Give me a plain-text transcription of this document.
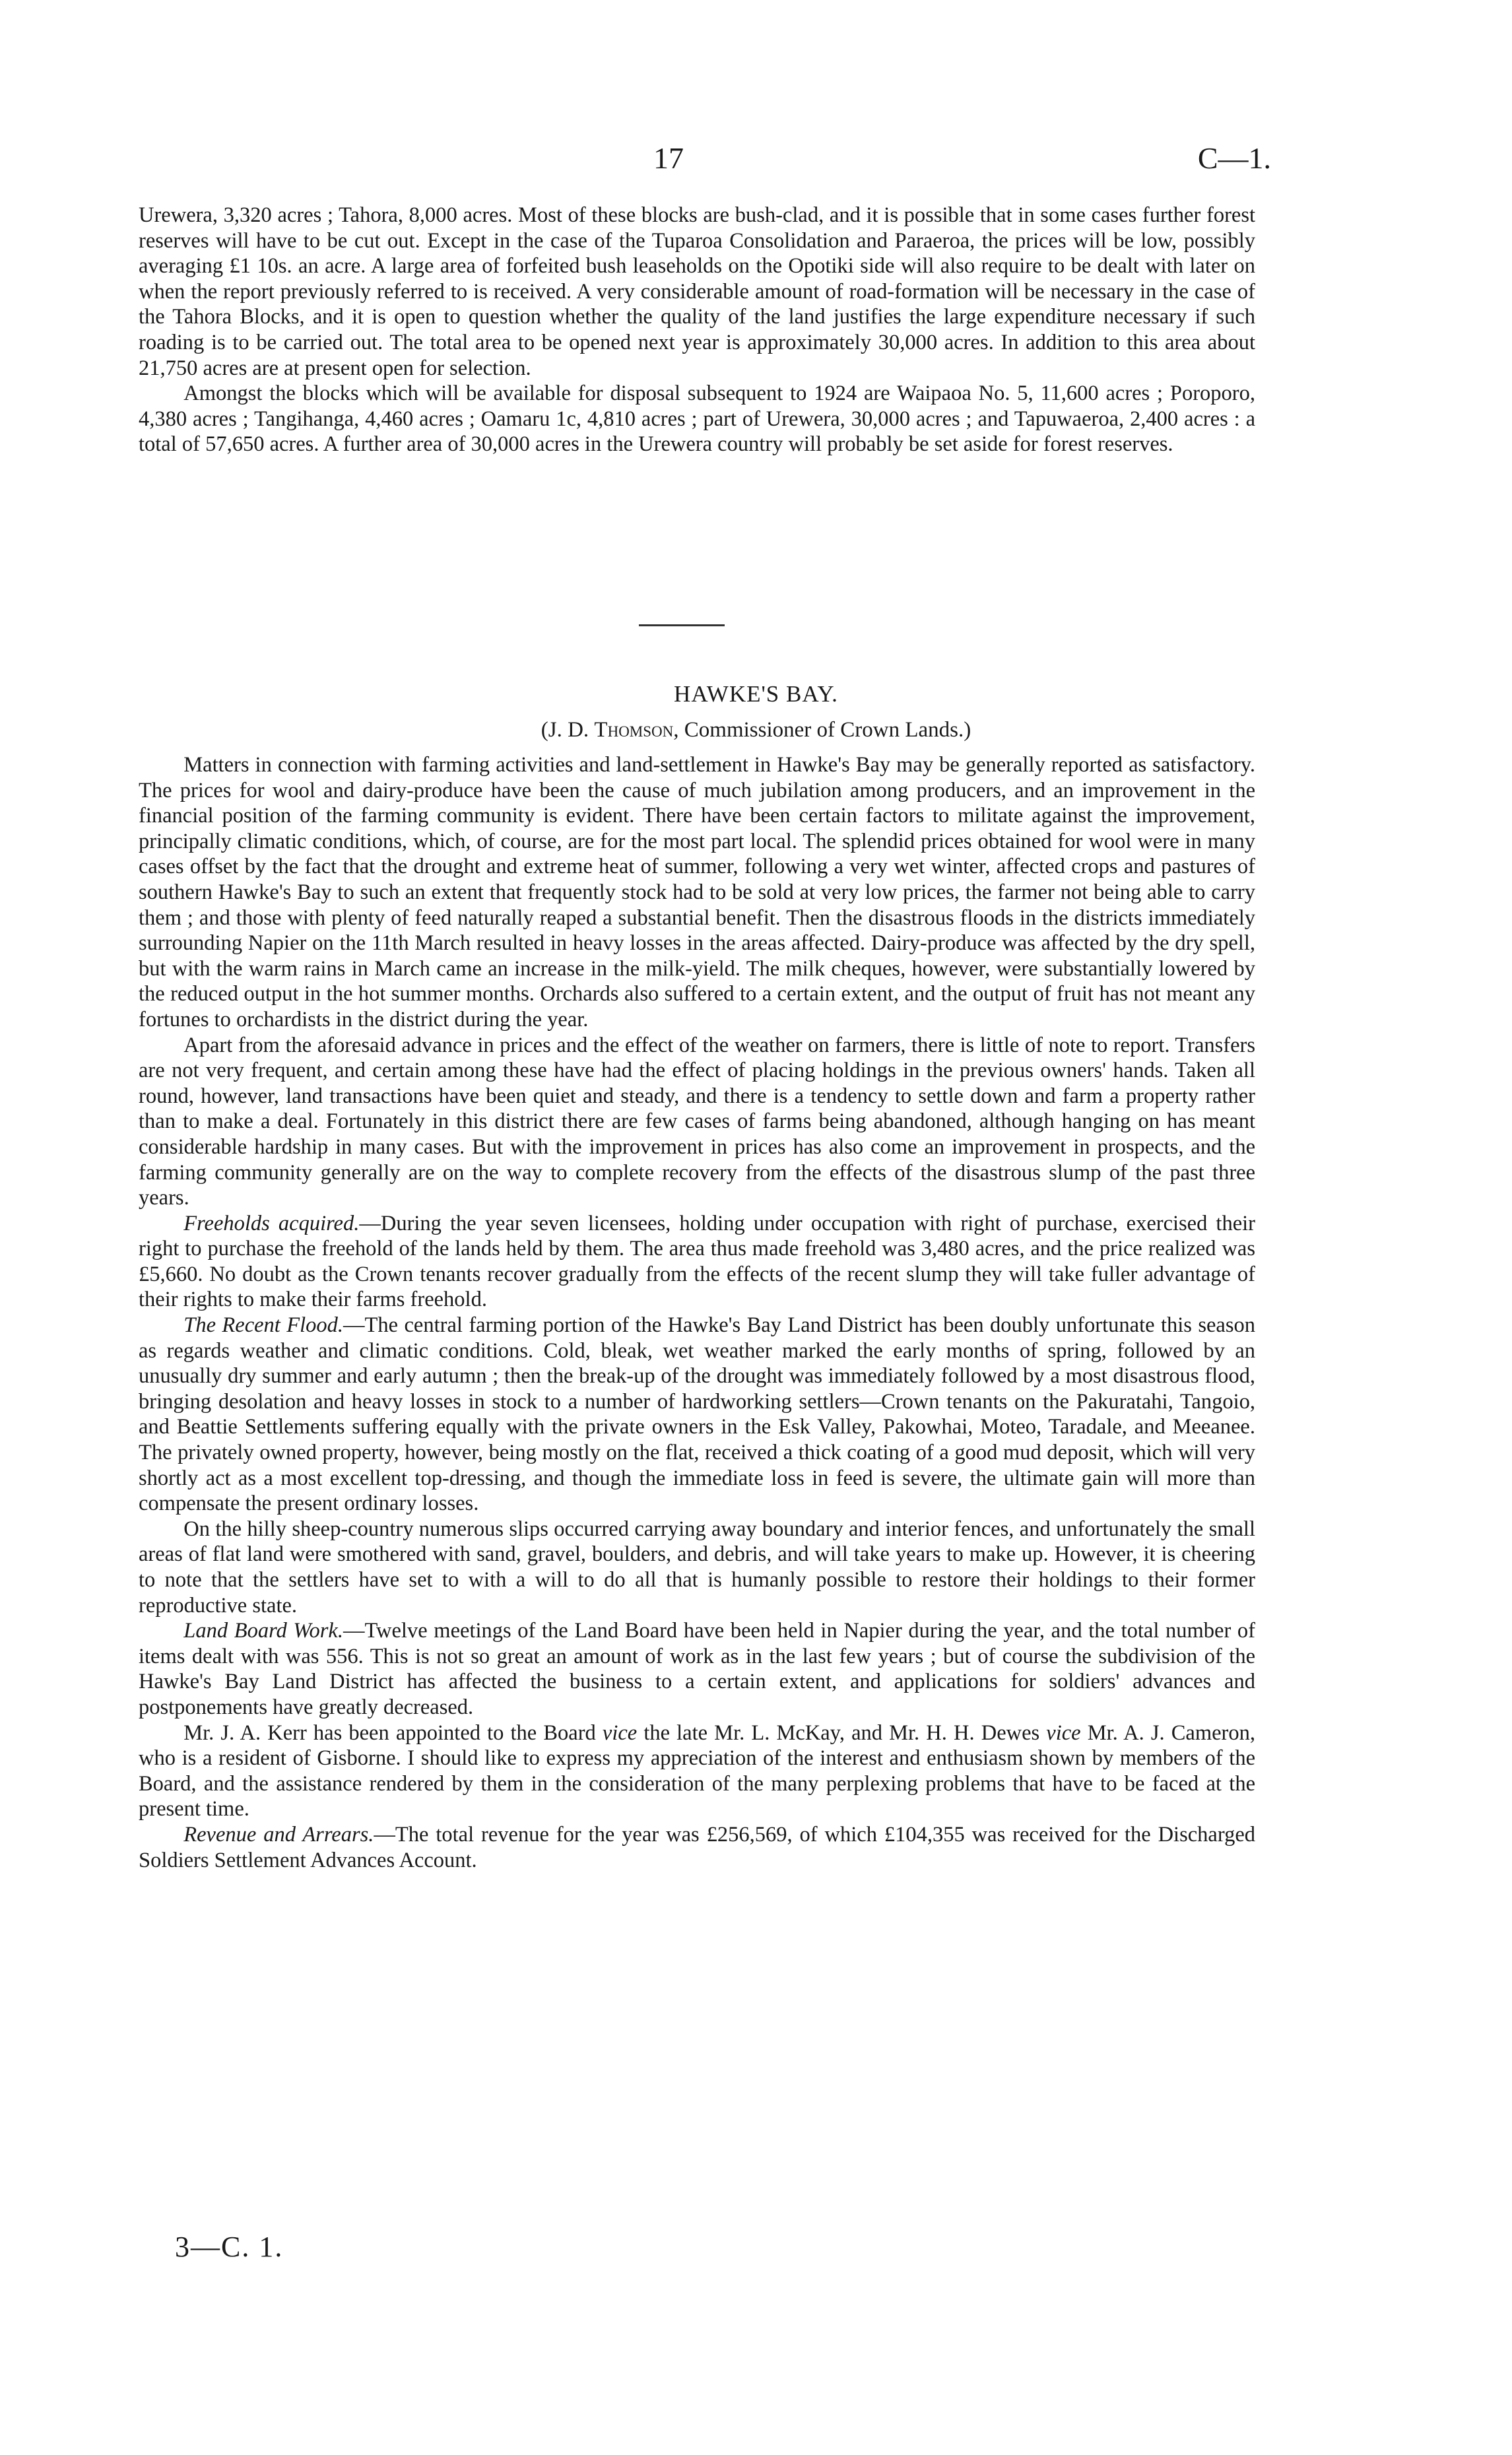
17	C—1.

Urewera, 3,320 acres ; Tahora, 8,000 acres. Most of these blocks are bush-clad, and it is possible that in some cases further forest reserves will have to be cut out. Except in the case of the Tuparoa Consolidation and Paraeroa, the prices will be low, possibly averaging £1 10s. an acre. A large area of forfeited bush leaseholds on the Opotiki side will also require to be dealt with later on when the report previously referred to is received. A very considerable amount of road-formation will be necessary in the case of the Tahora Blocks, and it is open to question whether the quality of the land justifies the large expenditure necessary if such roading is to be carried out. The total area to be opened next year is approximately 30,000 acres. In addition to this area about 21,750 acres are at present open for selection.

Amongst the blocks which will be available for disposal subsequent to 1924 are Waipaoa No. 5, 11,600 acres ; Poroporo, 4,380 acres ; Tangihanga, 4,460 acres ; Oamaru 1c, 4,810 acres ; part of Urewera, 30,000 acres ; and Tapuwaeroa, 2,400 acres : a total of 57,650 acres. A further area of 30,000 acres in the Urewera country will probably be set aside for forest reserves.

HAWKE'S BAY.
(J. D. Thomson, Commissioner of Crown Lands.)

Matters in connection with farming activities and land-settlement in Hawke's Bay may be generally reported as satisfactory. The prices for wool and dairy-produce have been the cause of much jubilation among producers, and an improvement in the financial position of the farming community is evident. There have been certain factors to militate against the improvement, principally climatic conditions, which, of course, are for the most part local. The splendid prices obtained for wool were in many cases offset by the fact that the drought and extreme heat of summer, following a very wet winter, affected crops and pastures of southern Hawke's Bay to such an extent that frequently stock had to be sold at very low prices, the farmer not being able to carry them ; and those with plenty of feed naturally reaped a substantial benefit. Then the disastrous floods in the districts immediately surrounding Napier on the 11th March resulted in heavy losses in the areas affected. Dairy-produce was affected by the dry spell, but with the warm rains in March came an increase in the milk-yield. The milk cheques, however, were substantially lowered by the reduced output in the hot summer months. Orchards also suffered to a certain extent, and the output of fruit has not meant any fortunes to orchardists in the district during the year.

Apart from the aforesaid advance in prices and the effect of the weather on farmers, there is little of note to report. Transfers are not very frequent, and certain among these have had the effect of placing holdings in the previous owners' hands. Taken all round, however, land transactions have been quiet and steady, and there is a tendency to settle down and farm a property rather than to make a deal. Fortunately in this district there are few cases of farms being abandoned, although hanging on has meant considerable hardship in many cases. But with the improvement in prices has also come an improvement in prospects, and the farming community generally are on the way to complete recovery from the effects of the disastrous slump of the past three years.

Freeholds acquired.—During the year seven licensees, holding under occupation with right of purchase, exercised their right to purchase the freehold of the lands held by them. The area thus made freehold was 3,480 acres, and the price realized was £5,660. No doubt as the Crown tenants recover gradually from the effects of the recent slump they will take fuller advantage of their rights to make their farms freehold.

The Recent Flood.—The central farming portion of the Hawke's Bay Land District has been doubly unfortunate this season as regards weather and climatic conditions. Cold, bleak, wet weather marked the early months of spring, followed by an unusually dry summer and early autumn ; then the break-up of the drought was immediately followed by a most disastrous flood, bringing desolation and heavy losses in stock to a number of hardworking settlers—Crown tenants on the Pakuratahi, Tangoio, and Beattie Settlements suffering equally with the private owners in the Esk Valley, Pakowhai, Moteo, Taradale, and Meeanee. The privately owned property, however, being mostly on the flat, received a thick coating of a good mud deposit, which will very shortly act as a most excellent top-dressing, and though the immediate loss in feed is severe, the ultimate gain will more than compensate the present ordinary losses.

On the hilly sheep-country numerous slips occurred carrying away boundary and interior fences, and unfortunately the small areas of flat land were smothered with sand, gravel, boulders, and debris, and will take years to make up. However, it is cheering to note that the settlers have set to with a will to do all that is humanly possible to restore their holdings to their former reproductive state.

Land Board Work.—Twelve meetings of the Land Board have been held in Napier during the year, and the total number of items dealt with was 556. This is not so great an amount of work as in the last few years ; but of course the subdivision of the Hawke's Bay Land District has affected the business to a certain extent, and applications for soldiers' advances and postponements have greatly decreased.

Mr. J. A. Kerr has been appointed to the Board vice the late Mr. L. McKay, and Mr. H. H. Dewes vice Mr. A. J. Cameron, who is a resident of Gisborne. I should like to express my appreciation of the interest and enthusiasm shown by members of the Board, and the assistance rendered by them in the consideration of the many perplexing problems that have to be faced at the present time.

Revenue and Arrears.—The total revenue for the year was £256,569, of which £104,355 was received for the Discharged Soldiers Settlement Advances Account.

3—C. 1.
